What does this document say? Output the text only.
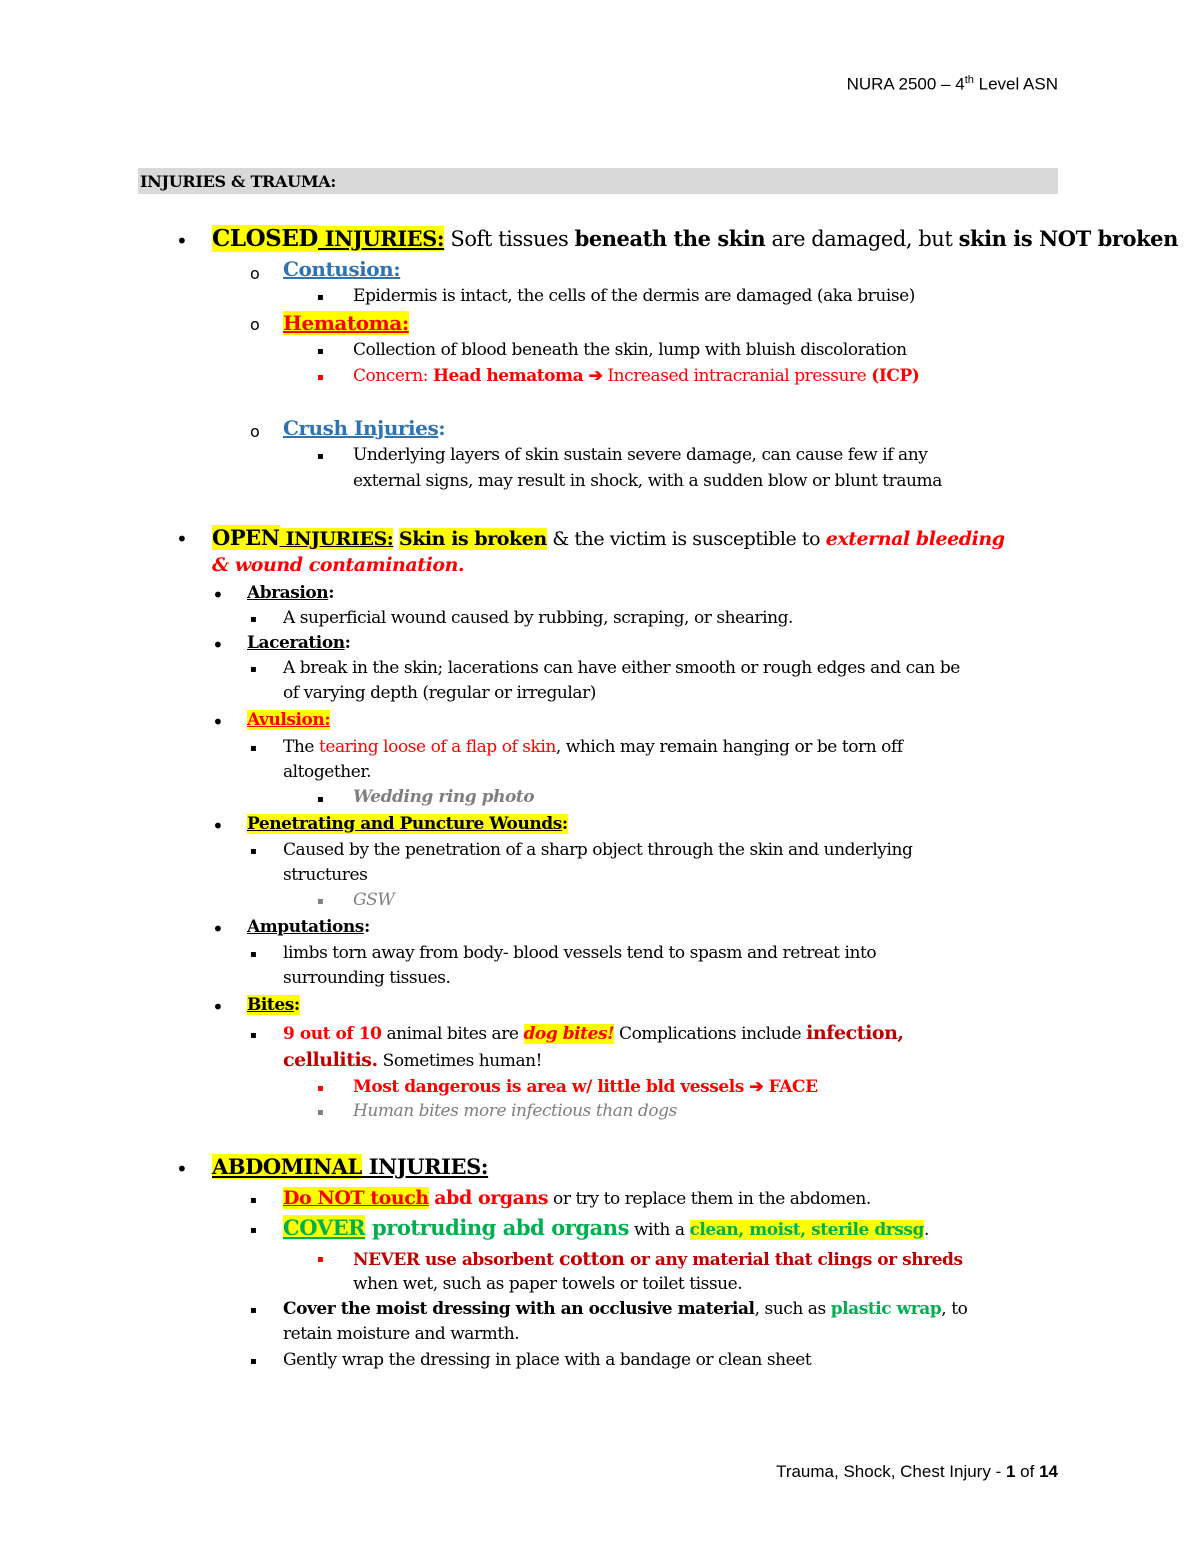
NURA 2500 – 4th Level ASN
INJURIES & TRAUMA:
•
o
o
▪
▪
▪
o
▪
•
•
▪
•
▪
•
▪
▪
•
▪
▪
•
▪
•
▪
▪
▪
•
▪
▪
▪
▪
▪
CLOSED INJURIES: Soft tissues beneath the skin are damaged, but skin is NOT broken
Contusion:
Epidermis is intact, the cells of the dermis are damaged (aka bruise)
Hematoma:
Collection of blood beneath the skin, lump with bluish discoloration
Concern: Head hematoma ➔ Increased intracranial pressure (ICP)
Crush Injuries:
Underlying layers of skin sustain severe damage, can cause few if any
external signs, may result in shock, with a sudden blow or blunt trauma
OPEN INJURIES: Skin is broken & the victim is susceptible to external bleeding
& wound contamination.
Abrasion:
A superficial wound caused by rubbing, scraping, or shearing.
Laceration:
A break in the skin; lacerations can have either smooth or rough edges and can be
of varying depth (regular or irregular)
Avulsion:
The tearing loose of a flap of skin, which may remain hanging or be torn off
altogether.
Wedding ring photo
Penetrating and Puncture Wounds:
Caused by the penetration of a sharp object through the skin and underlying
structures
GSW
Amputations:
limbs torn away from body- blood vessels tend to spasm and retreat into
surrounding tissues.
Bites:
9 out of 10 animal bites are dog bites! Complications include infection,
cellulitis. Sometimes human!
Most dangerous is area w/ little bld vessels ➔ FACE
Human bites more infectious than dogs
ABDOMINAL INJURIES:
Do NOT touch abd organs or try to replace them in the abdomen.
COVER protruding abd organs with a clean, moist, sterile drssg.
NEVER use absorbent cotton or any material that clings or shreds
when wet, such as paper towels or toilet tissue.
Cover the moist dressing with an occlusive material, such as plastic wrap, to
retain moisture and warmth.
Gently wrap the dressing in place with a bandage or clean sheet
Trauma, Shock, Chest Injury - 1 of 14
